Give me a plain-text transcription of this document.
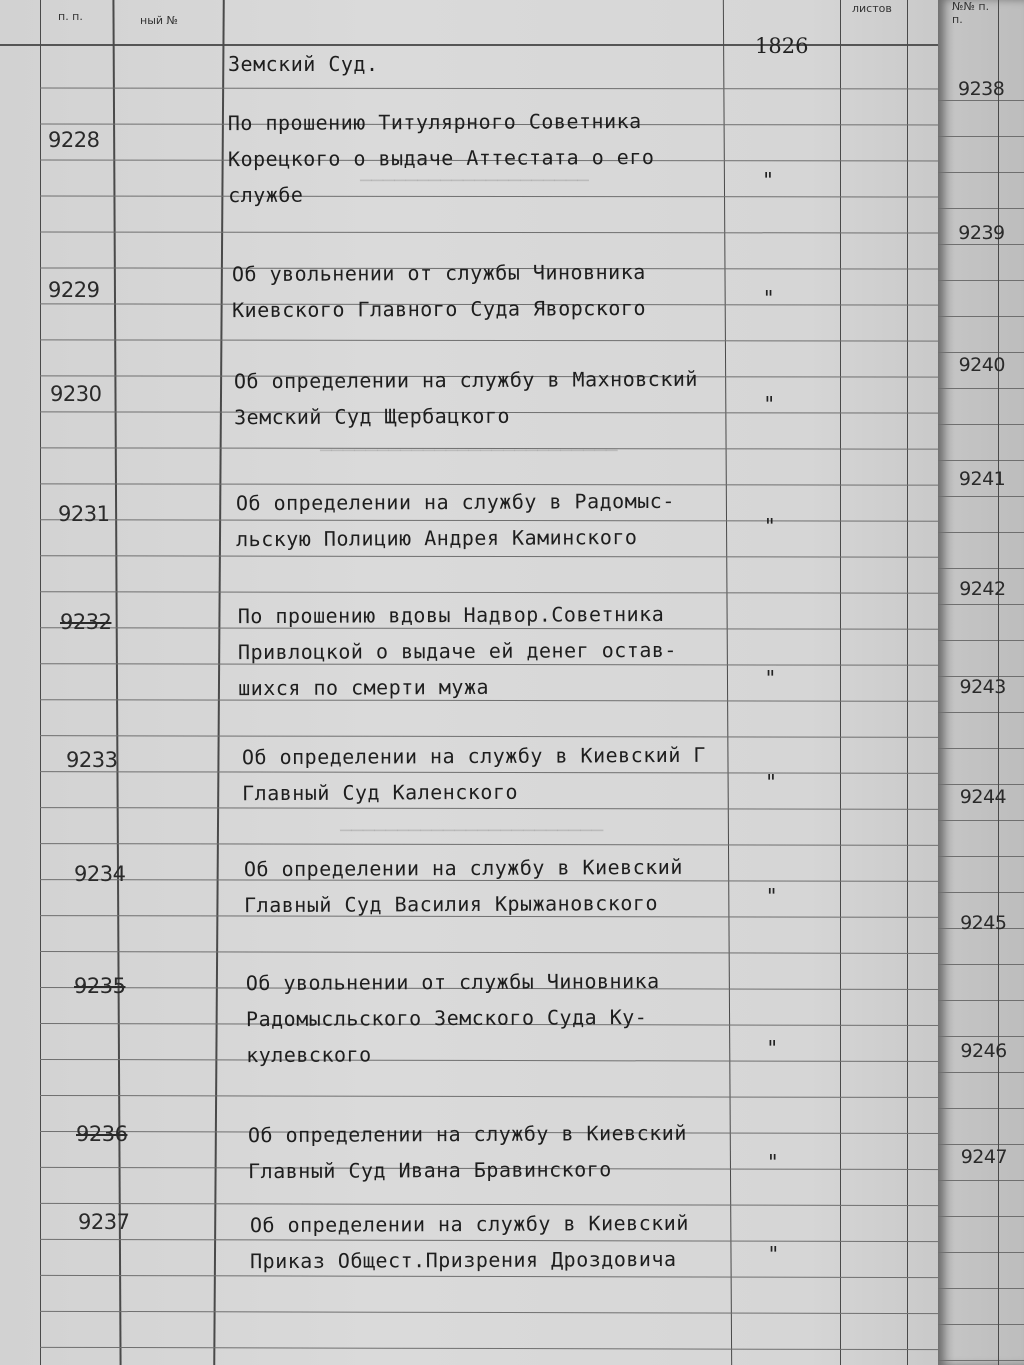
п. п.	ный №
листов
────────────────────
──────────────────────────
───────────────────────
Земский Суд.
1826
9228
По прошению Титулярного Советника
Корецкого о выдаче Аттестата о его
службе
"
9229
Об увольнении от службы Чиновника
Киевского Главного Суда Яворского	"
9230
Об определении на службу в Махновский
Земский Суд Щербацкого	"
9231	Об определении на службу в Радомыс-
льскую Полицию Андрея Каминского	"
9232	По прошению вдовы Надвор.Советника
Привлоцкой о выдаче ей денег остав-
шихся по смерти мужа	"
9233	Об определении на службу в Киевский Г
Главный Суд Каленского	"
9234	Об определении на службу в Киевский
Главный Суд Василия Крыжановского	"
9235	Об увольнении от службы Чиновника
Радомысльского Земского Суда Ку-
кулевского	"
9236	Об определении на службу в Киевский
Главный Суд Ивана Бравинского	"
9237	Об определении на службу в Киевский
Приказ Общест.Призрения Дроздовича	"
№№ п. п.
9238
9239
9240
9241
9242
9243
9244
9245
9246
9247
